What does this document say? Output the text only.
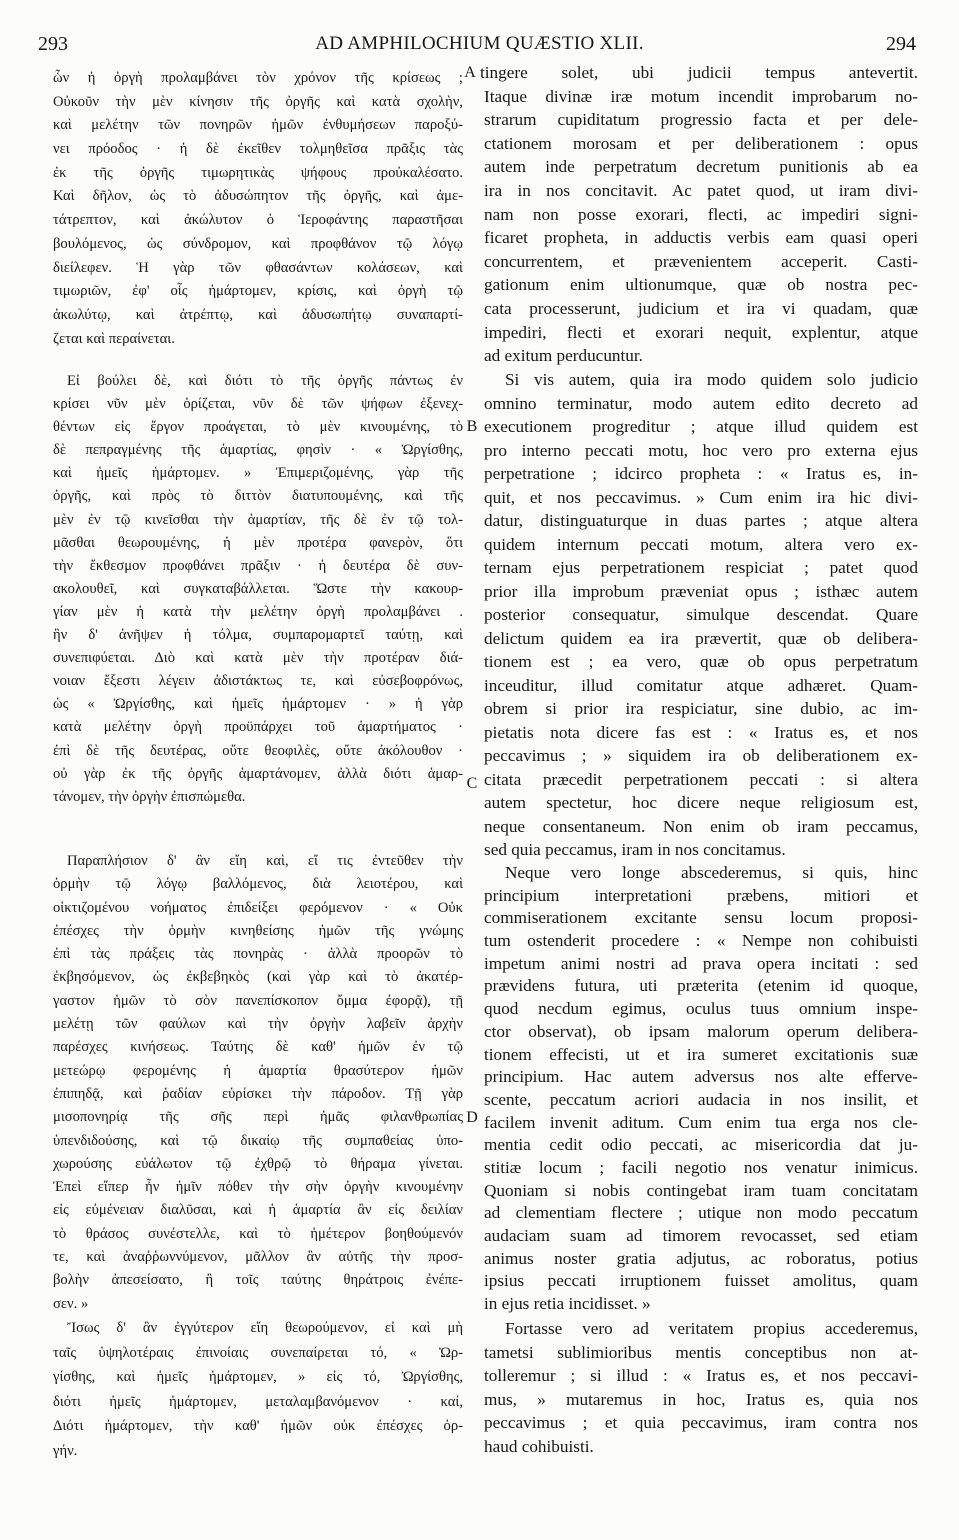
293	AD AMPHILOCHIUM QUÆSTIO XLII.	294
ὧν ἡ ὀργὴ προλαμβάνει τὸν χρόνον τῆς κρίσεως ;
Οὐκοῦν τὴν μὲν κίνησιν τῆς ὀργῆς καὶ κατὰ σχολὴν,
καὶ μελέτην τῶν πονηρῶν ἡμῶν ἐνθυμήσεων παροξύ-
νει πρόοδος · ἡ δὲ ἐκεῖθεν τολμηθεῖσα πρᾶξις τὰς
ἐκ τῆς ὀργῆς τιμωρητικὰς ψήφους προὐκαλέσατο.
Καὶ δῆλον, ὡς τὸ ἀδυσώπητον τῆς ὀργῆς, καὶ ἀμε-
τάτρεπτον, καὶ ἀκώλυτον ὁ Ἱεροφάντης παραστῆσαι
βουλόμενος, ὡς σύνδρομον, καὶ προφθάνον τῷ λόγῳ
διείλεφεν. Ἡ γὰρ τῶν φθασάντων κολάσεων, καὶ
τιμωριῶν, ἐφ' οἷς ἡμάρτομεν, κρίσις, καὶ ὀργὴ τῷ
ἀκωλύτῳ, καὶ ἀτρέπτῳ, καὶ ἀδυσωπήτῳ συναπαρτί-
ζεται καὶ περαίνεται.
Εἰ βούλει δὲ, καὶ διότι τὸ τῆς ὀργῆς πάντως ἐν
κρίσει νῦν μὲν ὁρίζεται, νῦν δὲ τῶν ψήφων ἐξενεχ-
θέντων εἰς ἔργον προάγεται, τὸ μὲν κινουμένης, τὸ
δὲ πεπραγμένης τῆς ἁμαρτίας, φησὶν · « Ὠργίσθης,
καὶ ἡμεῖς ἡμάρτομεν. » Ἐπιμεριζομένης, γὰρ τῆς
ὀργῆς, καὶ πρὸς τὸ διττὸν διατυπουμένης, καὶ τῆς
μὲν ἐν τῷ κινεῖσθαι τὴν ἁμαρτίαν, τῆς δὲ ἐν τῷ τολ-
μᾶσθαι θεωρουμένης, ἡ μὲν προτέρα φανερὸν, ὅτι
τὴν ἔκθεσμον προφθάνει πρᾶξιν · ἡ δευτέρα δὲ συν-
ακολουθεῖ, καὶ συγκαταβάλλεται. Ὥστε τὴν κακουρ-
γίαν μὲν ἡ κατὰ τὴν μελέτην ὀργὴ προλαμβάνει .
ἣν δ' ἀνῆψεν ἡ τόλμα, συμπαρομαρτεῖ ταύτῃ, καὶ
συνεπιφύεται. Διὸ καὶ κατὰ μὲν τὴν προτέραν διά-
νοιαν ἔξεστι λέγειν ἀδιστάκτως τε, καὶ εὐσεβοφρόνως,
ὡς « Ὠργίσθης, καὶ ἡμεῖς ἡμάρτομεν · » ἡ γὰρ
κατὰ μελέτην ὀργὴ προϋπάρχει τοῦ ἁμαρτήματος ·
ἐπὶ δὲ τῆς δευτέρας, οὔτε θεοφιλὲς, οὔτε ἀκόλουθον ·
οὐ γὰρ ἐκ τῆς ὀργῆς ἁμαρτάνομεν, ἀλλὰ διότι ἁμαρ-
τάνομεν, τὴν ὀργὴν ἐπισπώμεθα.
Παραπλήσιον δ' ἂν εἴη καὶ, εἴ τις ἐντεῦθεν τὴν
ὁρμὴν τῷ λόγῳ βαλλόμενος, διὰ λειοτέρου, καὶ
οἰκτιζομένου νοήματος ἐπιδείξει φερόμενον · « Οὐκ
ἐπέσχες τὴν ὁρμὴν κινηθείσης ἡμῶν τῆς γνώμης
ἐπὶ τὰς πράξεις τὰς πονηρὰς · ἀλλὰ προορῶν τὸ
ἐκβησόμενον, ὡς ἐκβεβηκὸς (καὶ γὰρ καὶ τὸ ἀκατέρ-
γαστον ἡμῶν τὸ σὸν πανεπίσκοπον ὄμμα ἐφορᾷ), τῇ
μελέτῃ τῶν φαύλων καὶ τὴν ὀργὴν λαβεῖν ἀρχὴν
παρέσχες κινήσεως. Ταύτης δὲ καθ' ἡμῶν ἐν τῷ
μετεώρῳ φερομένης ἡ ἁμαρτία θρασύτερον ἡμῶν
ἐπιπηδᾷ, καὶ ῥαδίαν εὑρίσκει τὴν πάροδον. Τῇ γὰρ
μισοπονηρίᾳ τῆς σῆς περὶ ἡμᾶς φιλανθρωπίας
ὑπενδιδούσης, καὶ τῷ δικαίῳ τῆς συμπαθείας ὑπο-
χωρούσης εὐάλωτον τῷ ἐχθρῷ τὸ θήραμα γίνεται.
Ἐπεὶ εἴπερ ἦν ἡμῖν πόθεν τὴν σὴν ὀργὴν κινουμένην
εἰς εὐμένειαν διαλῦσαι, καὶ ἡ ἁμαρτία ἂν εἰς δειλίαν
τὸ θράσος συνέστελλε, καὶ τὸ ἡμέτερον βοηθούμενόν
τε, καὶ ἀναῤῥωννύμενον, μᾶλλον ἂν αὐτῆς τὴν προσ-
βολὴν ἀπεσείσατο, ἢ τοῖς ταύτης θηράτροις ἐνέπε-
σεν. »
Ἴσως δ' ἂν ἐγγύτερον εἴη θεωρούμενον, εἰ καὶ μὴ
ταῖς ὑψηλοτέραις ἐπινοίαις συνεπαίρεται τό, « Ὠρ-
γίσθης, καὶ ἡμεῖς ἡμάρτομεν, » εἰς τό, Ὠργίσθης,
διότι ἡμεῖς ἡμάρτομεν, μεταλαμβανόμενον · καί,
Διότι ἡμάρτομεν, τὴν καθ' ἡμῶν οὐκ ἐπέσχες ὀρ-
γήν.
tingere solet, ubi judicii tempus antevertit.
Itaque divinæ iræ motum incendit improbarum no-
strarum cupiditatum progressio facta et per dele-
ctationem morosam et per deliberationem : opus
autem inde perpetratum decretum punitionis ab ea
ira in nos concitavit. Ac patet quod, ut iram divi-
nam non posse exorari, flecti, ac impediri signi-
ficaret propheta, in adductis verbis eam quasi operi
concurrentem, et prævenientem acceperit. Casti-
gationum enim ultionumque, quæ ob nostra pec-
cata processerunt, judicium et ira vi quadam, quæ
impediri, flecti et exorari nequit, explentur, atque
ad exitum perducuntur.
Si vis autem, quia ira modo quidem solo judicio
omnino terminatur, modo autem edito decreto ad
executionem progreditur ; atque illud quidem est
pro interno peccati motu, hoc vero pro externa ejus
perpetratione ; idcirco propheta : « Iratus es, in-
quit, et nos peccavimus. » Cum enim ira hic divi-
datur, distinguaturque in duas partes ; atque altera
quidem internum peccati motum, altera vero ex-
ternam ejus perpetrationem respiciat ; patet quod
prior illa improbum præveniat opus ; isthæc autem
posterior consequatur, simulque descendat. Quare
delictum quidem ea ira prævertit, quæ ob delibera-
tionem est ; ea vero, quæ ob opus perpetratum
inceuditur, illud comitatur atque adhæret. Quam-
obrem si prior ira respiciatur, sine dubio, ac im-
pietatis nota dicere fas est : « Iratus es, et nos
peccavimus ; » siquidem ira ob deliberationem ex-
citata præcedit perpetrationem peccati : si altera
autem spectetur, hoc dicere neque religiosum est,
neque consentaneum. Non enim ob iram peccamus,
sed quia peccamus, iram in nos concitamus.
Neque vero longe abscederemus, si quis, hinc
principium interpretationi præbens, mitiori et
commiserationem excitante sensu locum proposi-
tum ostenderit procedere : « Nempe non cohibuisti
impetum animi nostri ad prava opera incitati : sed
prævidens futura, uti præterita (etenim id quoque,
quod necdum egimus, oculus tuus omnium inspe-
ctor observat), ob ipsam malorum operum delibera-
tionem effecisti, ut et ira sumeret excitationis suæ
principium. Hac autem adversus nos alte efferve-
scente, peccatum acriori audacia in nos insilit, et
facilem invenit aditum. Cum enim tua erga nos cle-
mentia cedit odio peccati, ac misericordia dat ju-
stitiæ locum ; facili negotio nos venatur inimicus.
Quoniam si nobis contingebat iram tuam concitatam
ad clementiam flectere ; utique non modo peccatum
audaciam suam ad timorem revocasset, sed etiam
animus noster gratia adjutus, ac roboratus, potius
ipsius peccati irruptionem fuisset amolitus, quam
in ejus retia incidisset. »
Fortasse vero ad veritatem propius accederemus,
tametsi sublimioribus mentis conceptibus non at-
tolleremur ; si illud : « Iratus es, et nos peccavi-
mus, » mutaremus in hoc, Iratus es, quia nos
peccavimus ; et quia peccavimus, iram contra nos
haud cohibuisti.
A
B
C
D
